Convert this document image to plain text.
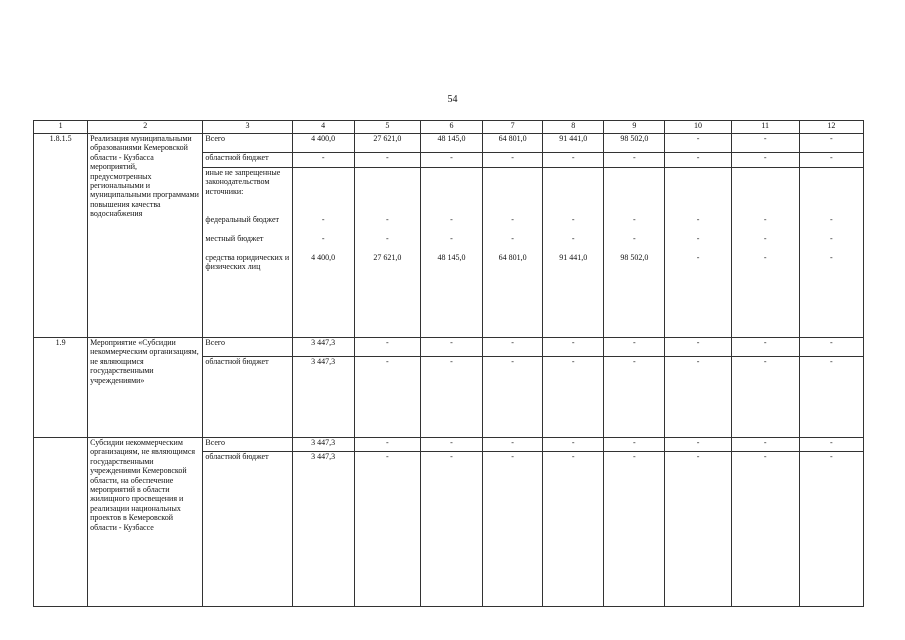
54
1	2	3	4	5	6	7	8	9	10	11	12
1.8.1.5	Реализация муниципальными образованиями Кемеровской области - Кузбасса мероприятий, предусмотренных региональными и муниципальными программами повышения качества водоснабжения	Всего	4 400,0	27 621,0	48 145,0	64 801,0	91 441,0	98 502,0	-	-	-
		областной бюджет	-	-	-	-	-	-	-	-	-
		иные не запрещенные законодательством источники:									
		федеральный бюджет	-	-	-	-	-	-	-	-	-
		местный бюджет	-	-	-	-	-	-	-	-	-
		средства юридических и физических лиц	4 400,0	27 621,0	48 145,0	64 801,0	91 441,0	98 502,0	-	-	-
1.9	Мероприятие «Субсидии некоммерческим организациям, не являющимся государственными учреждениями»	Всего	3 447,3	-	-	-	-	-	-	-	-
		областной бюджет	3 447,3	-	-	-	-	-	-	-	-
	Субсидии некоммерческим организациям, не являющимся государственными учреждениями Кемеровской области, на обеспечение мероприятий в области жилищного просвещения и реализации национальных проектов в Кемеровской области - Кузбассе	Всего	3 447,3	-	-	-	-	-	-	-	-
		областной бюджет	3 447,3	-	-	-	-	-	-	-	-
